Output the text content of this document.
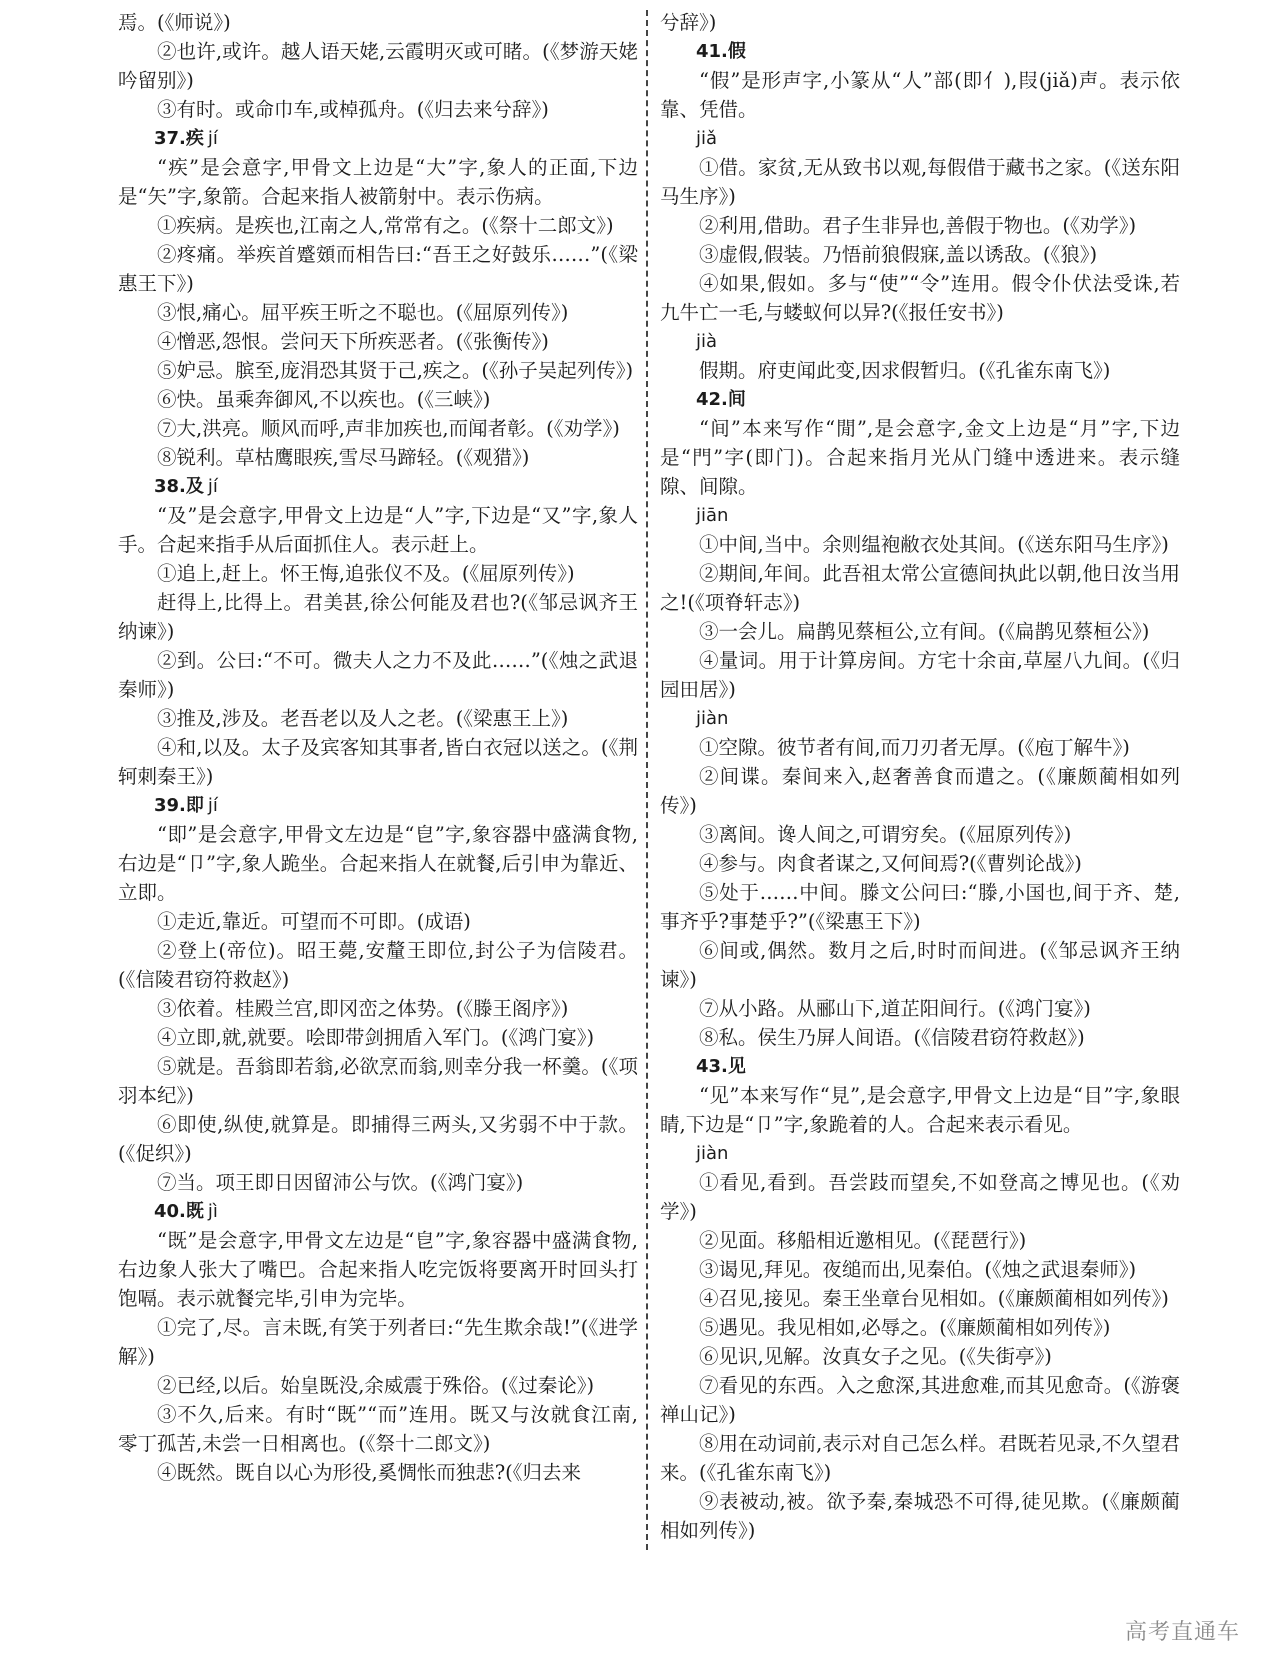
焉。(《师说》)

②也许,或许。越人语天姥,云霞明灭或可睹。(《梦游天姥吟留别》)

③有时。或命巾车,或棹孤舟。(《归去来兮辞》)

37.疾 jí

“疾”是会意字,甲骨文上边是“大”字,象人的正面,下边是“矢”字,象箭。合起来指人被箭射中。表示伤病。

①疾病。是疾也,江南之人,常常有之。(《祭十二郎文》)

②疼痛。举疾首蹙頞而相告曰:“吾王之好鼓乐……”(《梁惠王下》)

③恨,痛心。屈平疾王听之不聪也。(《屈原列传》)

④憎恶,怨恨。尝问天下所疾恶者。(《张衡传》)

⑤妒忌。膑至,庞涓恐其贤于己,疾之。(《孙子吴起列传》)

⑥快。虽乘奔御风,不以疾也。(《三峡》)

⑦大,洪亮。顺风而呼,声非加疾也,而闻者彰。(《劝学》)

⑧锐利。草枯鹰眼疾,雪尽马蹄轻。(《观猎》)

38.及 jí

“及”是会意字,甲骨文上边是“人”字,下边是“又”字,象人手。合起来指手从后面抓住人。表示赶上。

①追上,赶上。怀王悔,追张仪不及。(《屈原列传》)

赶得上,比得上。君美甚,徐公何能及君也?(《邹忌讽齐王纳谏》)

②到。公曰:“不可。微夫人之力不及此……”(《烛之武退秦师》)

③推及,涉及。老吾老以及人之老。(《梁惠王上》)

④和,以及。太子及宾客知其事者,皆白衣冠以送之。(《荆轲刺秦王》)

39.即 jí

“即”是会意字,甲骨文左边是“皀”字,象容器中盛满食物,右边是“卩”字,象人跪坐。合起来指人在就餐,后引申为靠近、立即。

①走近,靠近。可望而不可即。(成语)

②登上(帝位)。昭王薨,安釐王即位,封公子为信陵君。(《信陵君窃符救赵》)

③依着。桂殿兰宫,即冈峦之体势。(《滕王阁序》)

④立即,就,就要。哙即带剑拥盾入军门。(《鸿门宴》)

⑤就是。吾翁即若翁,必欲烹而翁,则幸分我一杯羹。(《项羽本纪》)

⑥即使,纵使,就算是。即捕得三两头,又劣弱不中于款。(《促织》)

⑦当。项王即日因留沛公与饮。(《鸿门宴》)

40.既 jì

“既”是会意字,甲骨文左边是“皀”字,象容器中盛满食物,右边象人张大了嘴巴。合起来指人吃完饭将要离开时回头打饱嗝。表示就餐完毕,引申为完毕。

①完了,尽。言未既,有笑于列者曰:“先生欺余哉!”(《进学解》)

②已经,以后。始皇既没,余威震于殊俗。(《过秦论》)

③不久,后来。有时“既”“而”连用。既又与汝就食江南,零丁孤苦,未尝一日相离也。(《祭十二郎文》)

④既然。既自以心为形役,奚惆怅而独悲?(《归去来

兮辞》)

41.假

“假”是形声字,小篆从“人”部(即亻),叚(jiǎ)声。表示依靠、凭借。

jiǎ

①借。家贫,无从致书以观,每假借于藏书之家。(《送东阳马生序》)

②利用,借助。君子生非异也,善假于物也。(《劝学》)

③虚假,假装。乃悟前狼假寐,盖以诱敌。(《狼》)

④如果,假如。多与“使”“令”连用。假令仆伏法受诛,若九牛亡一毛,与蝼蚁何以异?(《报任安书》)

jià

假期。府吏闻此变,因求假暂归。(《孔雀东南飞》)

42.间

“间”本来写作“閒”,是会意字,金文上边是“月”字,下边是“門”字(即门)。合起来指月光从门缝中透进来。表示缝隙、间隙。

jiān

①中间,当中。余则缊袍敝衣处其间。(《送东阳马生序》)

②期间,年间。此吾祖太常公宣德间执此以朝,他日汝当用之!(《项脊轩志》)

③一会儿。扁鹊见蔡桓公,立有间。(《扁鹊见蔡桓公》)

④量词。用于计算房间。方宅十余亩,草屋八九间。(《归园田居》)

jiàn

①空隙。彼节者有间,而刀刃者无厚。(《庖丁解牛》)

②间谍。秦间来入,赵奢善食而遣之。(《廉颇蔺相如列传》)

③离间。谗人间之,可谓穷矣。(《屈原列传》)

④参与。肉食者谋之,又何间焉?(《曹刿论战》)

⑤处于……中间。滕文公问曰:“滕,小国也,间于齐、楚,事齐乎?事楚乎?”(《梁惠王下》)

⑥间或,偶然。数月之后,时时而间进。(《邹忌讽齐王纳谏》)

⑦从小路。从郦山下,道芷阳间行。(《鸿门宴》)

⑧私。侯生乃屏人间语。(《信陵君窃符救赵》)

43.见

“见”本来写作“見”,是会意字,甲骨文上边是“目”字,象眼睛,下边是“卩”字,象跪着的人。合起来表示看见。

jiàn

①看见,看到。吾尝跂而望矣,不如登高之博见也。(《劝学》)

②见面。移船相近邀相见。(《琵琶行》)

③谒见,拜见。夜缒而出,见秦伯。(《烛之武退秦师》)

④召见,接见。秦王坐章台见相如。(《廉颇蔺相如列传》)

⑤遇见。我见相如,必辱之。(《廉颇蔺相如列传》)

⑥见识,见解。汝真女子之见。(《失街亭》)

⑦看见的东西。入之愈深,其进愈难,而其见愈奇。(《游褒禅山记》)

⑧用在动词前,表示对自己怎么样。君既若见录,不久望君来。(《孔雀东南飞》)

⑨表被动,被。欲予秦,秦城恐不可得,徒见欺。(《廉颇蔺相如列传》)

高考直通车
